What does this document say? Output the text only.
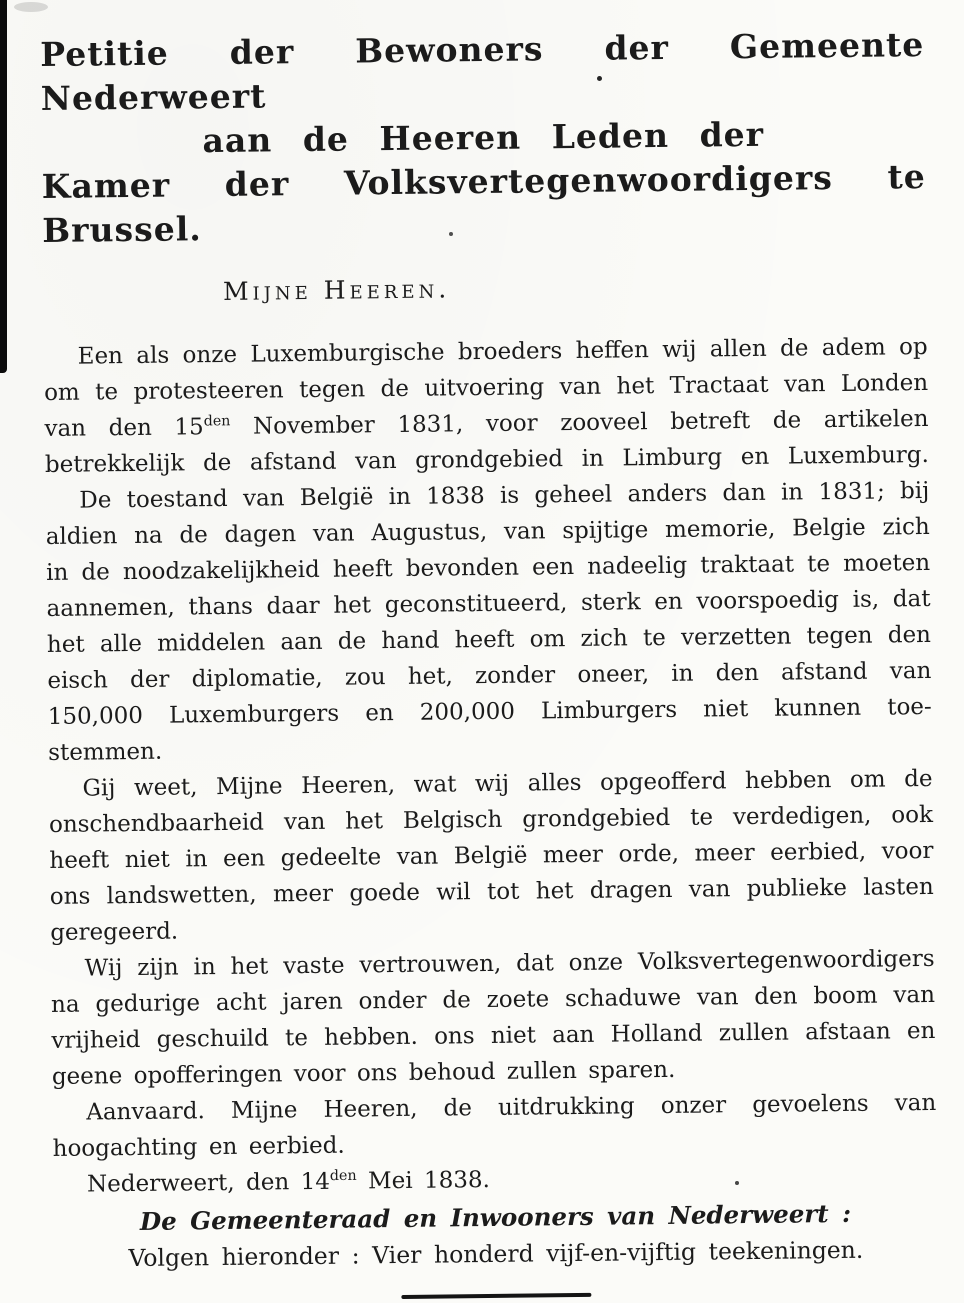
Petitie der Bewoners der Gemeente Nederweert
aan de Heeren Leden der
Kamer der Volksvertegenwoordigers te Brussel.
Mijne Heeren.
Een als onze Luxemburgische broeders heffen wij allen de adem op
om te protesteeren tegen de uitvoering van het Tractaat van Londen
van den $15^{den}$ November 1831, voor zooveel betreft de artikelen
betrekkelijk de afstand van grondgebied in Limburg en Luxemburg.
De toestand van België in 1838 is geheel anders dan in 1831; bij
aldien na de dagen van Augustus, van spijtige memorie, Belgie zich
in de noodzakelijkheid heeft bevonden een nadeelig traktaat te moeten
aannemen, thans daar het geconstitueerd, sterk en voorspoedig is, dat
het alle middelen aan de hand heeft om zich te verzetten tegen den
eisch der diplomatie, zou het, zonder oneer, in den afstand van
150,000 Luxemburgers en 200,000 Limburgers niet kunnen toe-
stemmen.
Gij weet, Mijne Heeren, wat wij alles opgeofferd hebben om de
onschendbaarheid van het Belgisch grondgebied te verdedigen, ook
heeft niet in een gedeelte van België meer orde, meer eerbied, voor
ons landswetten, meer goede wil tot het dragen van publieke lasten
geregeerd.
Wij zijn in het vaste vertrouwen, dat onze Volksvertegenwoordigers
na gedurige acht jaren onder de zoete schaduwe van den boom van
vrijheid geschuild te hebben. ons niet aan Holland zullen afstaan en
geene opofferingen voor ons behoud zullen sparen.
Aanvaard. Mijne Heeren, de uitdrukking onzer gevoelens van
hoogachting en eerbied.
Nederweert, den $14^{den}$ Mei 1838.
De Gemeenteraad en Inwooners van Nederweert :
Volgen hieronder : Vier honderd vijf-en-vijftig teekeningen.
